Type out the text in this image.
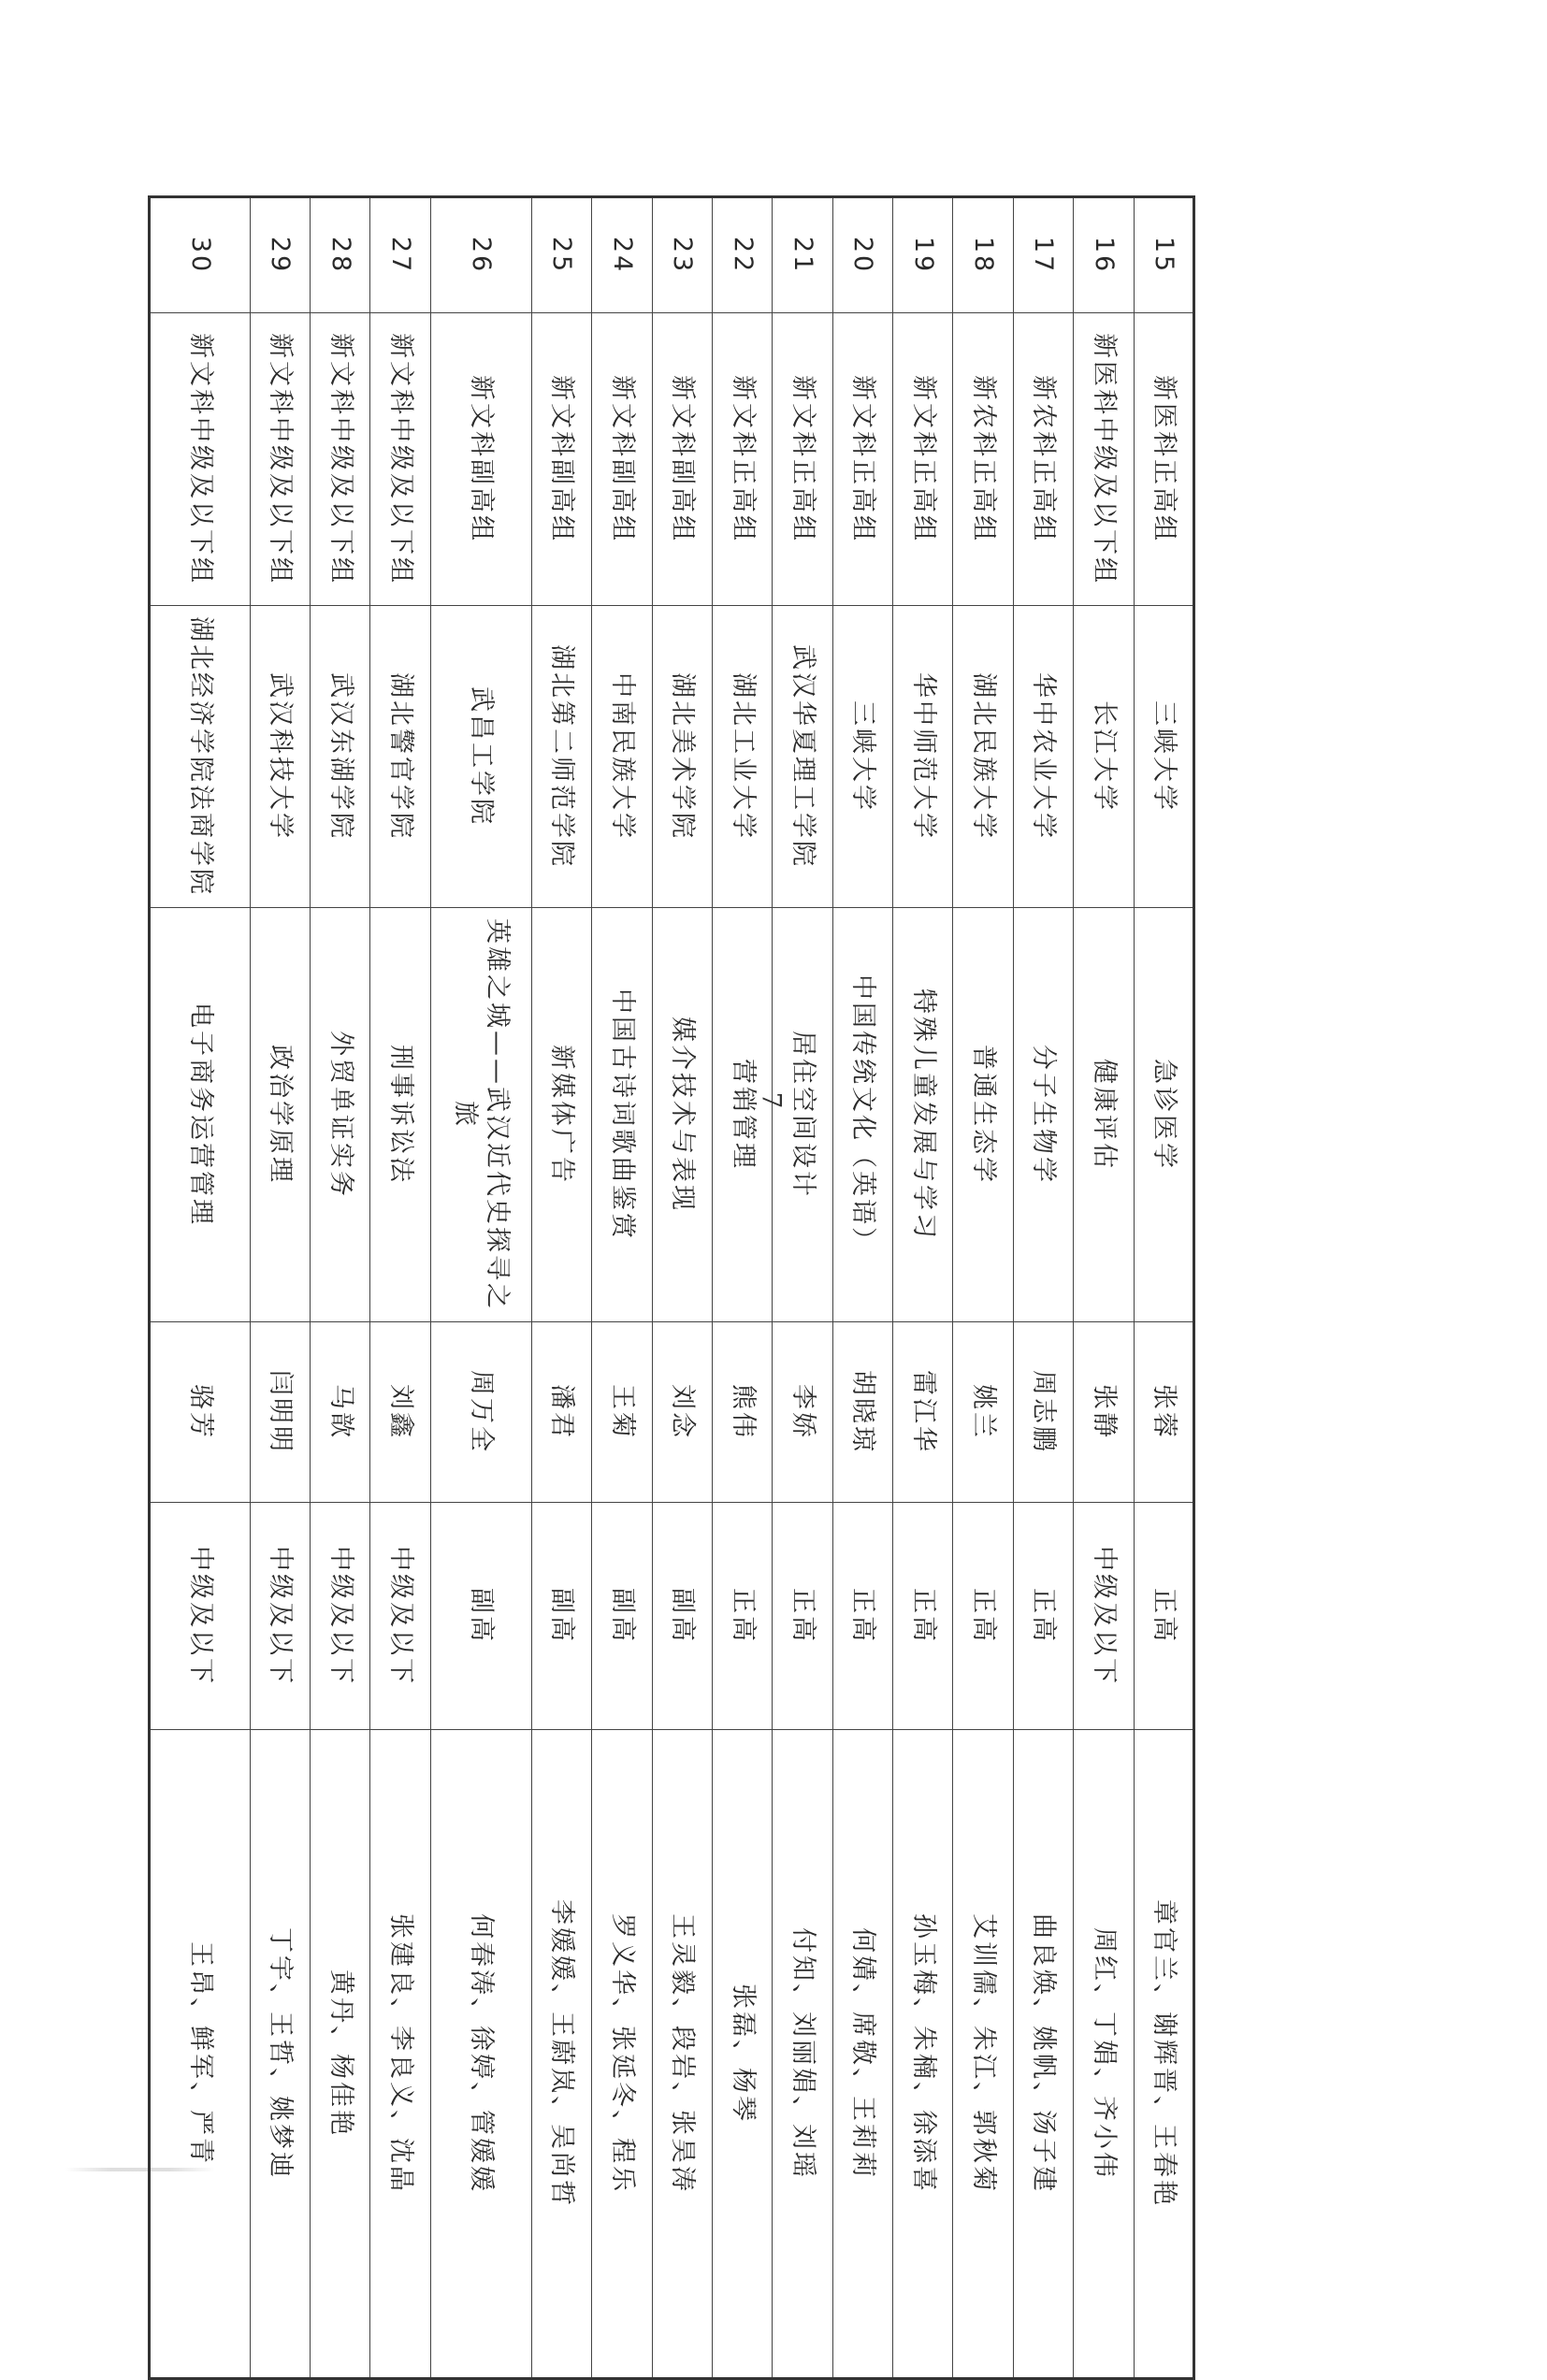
15	新医科正高组	三峡大学	急诊医学	张蓉	正高	章官兰、谢辉晋、王春艳
16	新医科中级及以下组	长江大学	健康评估	张静	中级及以下	周红、丁娟、齐小伟
17	新农科正高组	华中农业大学	分子生物学	周志鹏	正高	曲良焕、姚帆、汤子建
18	新农科正高组	湖北民族大学	普通生态学	姚兰	正高	艾训儒、朱江、郭秋菊
19	新文科正高组	华中师范大学	特殊儿童发展与学习	雷江华	正高	孙玉梅、朱楠、徐添喜
20	新文科正高组	三峡大学	中国传统文化（英语）	胡晓琼	正高	何婧、席敬、王莉莉
21	新文科正高组	武汉华夏理工学院	居住空间设计	李娇	正高	付知、刘丽娟、刘瑶
22	新文科正高组	湖北工业大学	营销管理	熊伟	正高	张磊、杨琴
23	新文科副高组	湖北美术学院	媒介技术与表现	刘念	副高	王灵毅、段岩、张昊涛
24	新文科副高组	中南民族大学	中国古诗词歌曲鉴赏	王菊	副高	罗义华、张延冬、程乐
25	新文科副高组	湖北第二师范学院	新媒体广告	潘君	副高	李媛媛、王蔚岚、吴尚哲
26	新文科副高组	武昌工学院	英雄之城——武汉近代史探寻之旅	周万全	副高	何春涛、徐婷、管媛媛
27	新文科中级及以下组	湖北警官学院	刑事诉讼法	刘鑫	中级及以下	张建良、李良义、沈晶
28	新文科中级及以下组	武汉东湖学院	外贸单证实务	马歆	中级及以下	黄丹、杨佳艳
29	新文科中级及以下组	武汉科技大学	政治学原理	闫明明	中级及以下	丁宇、王哲、姚梦迪
30	新文科中级及以下组	湖北经济学院法商学院	电子商务运营管理	骆芳	中级及以下	王昂、鲜军、严青
7
